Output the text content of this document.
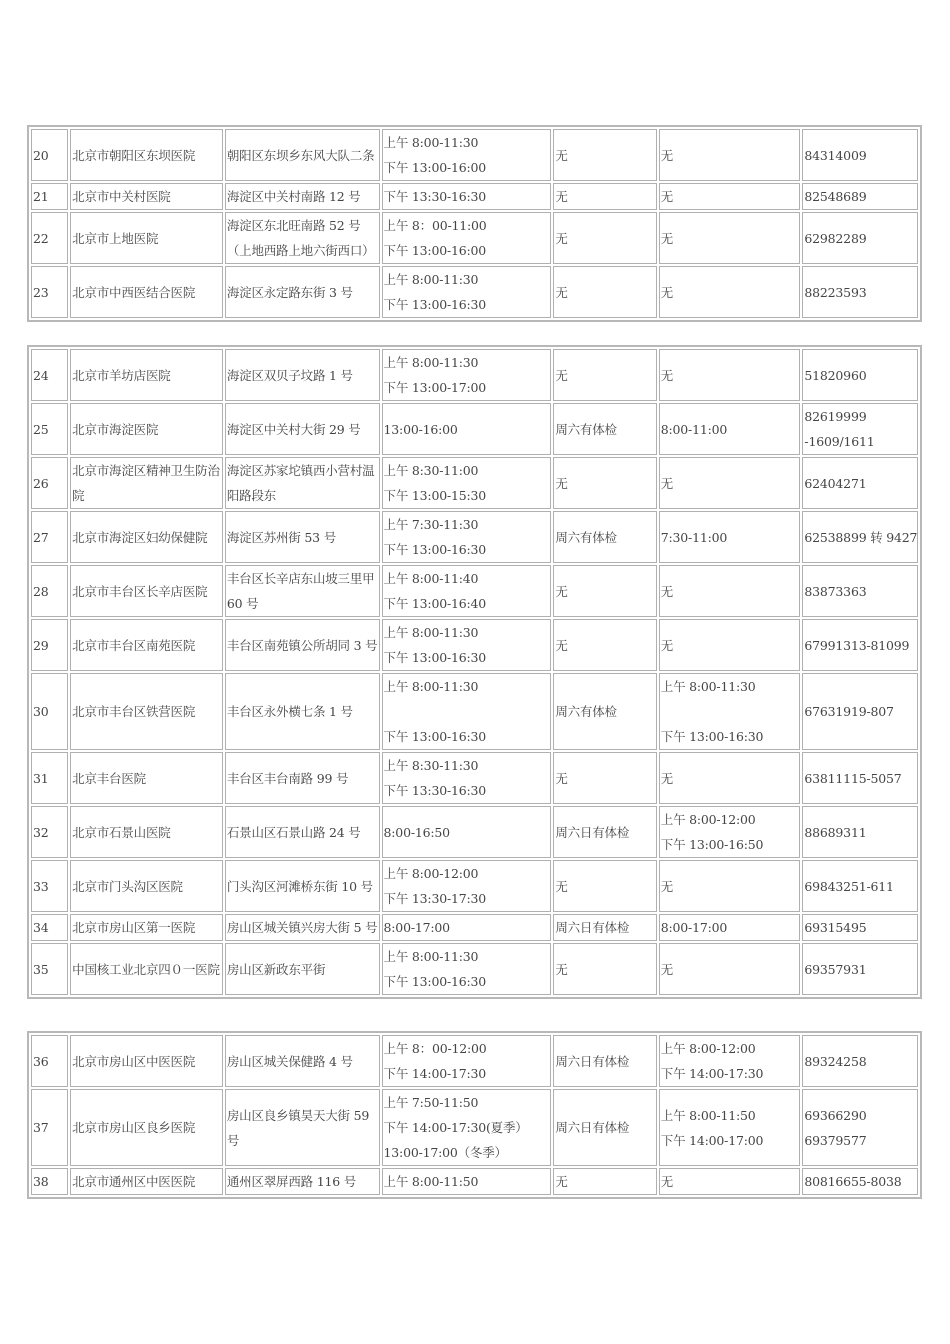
20	北京市朝阳区东坝医院	朝阳区东坝乡东风大队二条	上午 8:00-11:30
下午 13:00-16:00	无	无	84314009

21	北京市中关村医院	海淀区中关村南路 12 号	下午 13:30-16:30	无	无	82548689

22	北京市上地医院	海淀区东北旺南路 52 号（上地西路上地六街西口）	上午 8：00-11:00
下午 13:00-16:00	无	无	62982289

23	北京市中西医结合医院	海淀区永定路东街 3 号	上午 8:00-11:30
下午 13:00-16:30	无	无	88223593
24	北京市羊坊店医院	海淀区双贝子坟路 1 号	上午 8:00-11:30
下午 13:00-17:00	无	无	51820960

25	北京市海淀医院	海淀区中关村大街 29 号	13:00-16:00	周六有体检	8:00-11:00	82619999
-1609/1611

26	北京市海淀区精神卫生防治院	海淀区苏家坨镇西小营村温阳路段东	上午 8:30-11:00
下午 13:00-15:30	无	无	62404271

27	北京市海淀区妇幼保健院	海淀区苏州街 53 号	上午 7:30-11:30
下午 13:00-16:30	周六有体检	7:30-11:00	62538899 转 9427

28	北京市丰台区长辛店医院	丰台区长辛店东山坡三里甲 60 号	上午 8:00-11:40
下午 13:00-16:40	无	无	83873363

29	北京市丰台区南苑医院	丰台区南苑镇公所胡同 3 号	上午 8:00-11:30
下午 13:00-16:30	无	无	67991313-81099

30	北京市丰台区铁营医院	丰台区永外横七条 1 号	上午 8:00-11:30
下午 13:00-16:30	周六有体检	上午 8:00-11:30
下午 13:00-16:30	67631919-807

31	北京丰台医院	丰台区丰台南路 99 号	上午 8:30-11:30
下午 13:30-16:30	无	无	63811115-5057

32	北京市石景山医院	石景山区石景山路 24 号	8:00-16:50	周六日有体检	上午 8:00-12:00
下午 13:00-16:50	88689311

33	北京市门头沟区医院	门头沟区河滩桥东街 10 号	上午 8:00-12:00
下午 13:30-17:30	无	无	69843251-611

34	北京市房山区第一医院	房山区城关镇兴房大街 5 号	8:00-17:00	周六日有体检	8:00-17:00	69315495

35	中国核工业北京四０一医院	房山区新政东平街	上午 8:00-11:30
下午 13:00-16:30	无	无	69357931
36	北京市房山区中医医院	房山区城关保健路 4 号	上午 8：00-12:00
下午 14:00-17:30	周六日有体检	上午 8:00-12:00
下午 14:00-17:30	89324258

37	北京市房山区良乡医院	房山区良乡镇昊天大街 59 号	上午 7:50-11:50
下午 14:00-17:30(夏季）
13:00-17:00（冬季）	周六日有体检	上午 8:00-11:50
下午 14:00-17:00	69366290
69379577

38	北京市通州区中医医院	通州区翠屏西路 116 号	上午 8:00-11:50	无	无	80816655-8038
